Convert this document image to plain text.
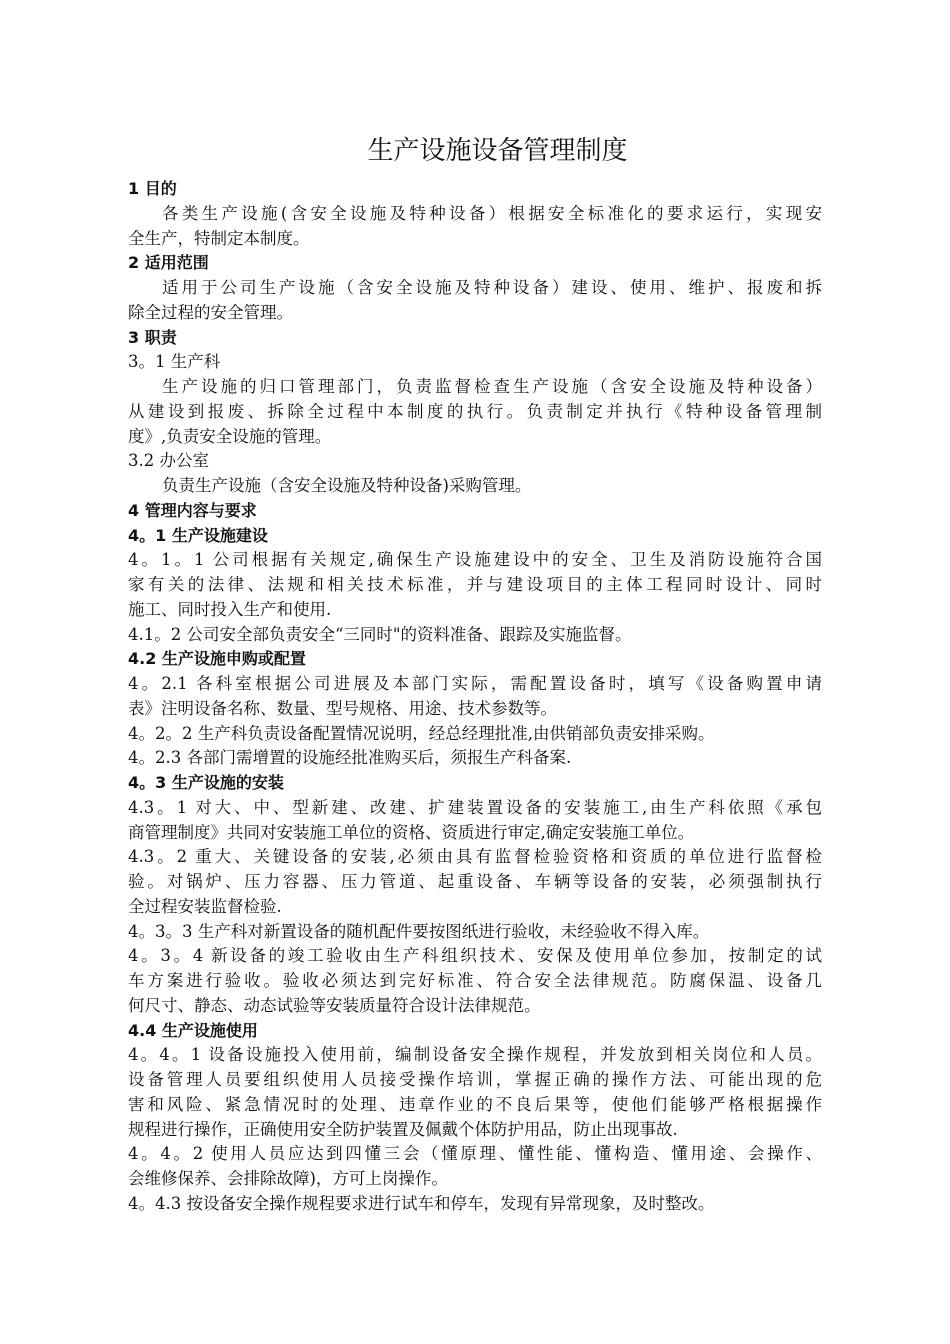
生产设施设备管理制度
1 目的
各类生产设施(含安全设施及特种设备）根据安全标准化的要求运行，实现安
全生产，特制定本制度。
2 适用范围
适用于公司生产设施（含安全设施及特种设备）建设、使用、维护、报废和拆
除全过程的安全管理。
3 职责
3。1 生产科
生产设施的归口管理部门，负责监督检查生产设施（含安全设施及特种设备）
从建设到报废、拆除全过程中本制度的执行。负责制定并执行《特种设备管理制
度》,负责安全设施的管理。
3.2 办公室
负责生产设施（含安全设施及特种设备)采购管理。
4 管理内容与要求
4。1 生产设施建设
4。1。1 公司根据有关规定,确保生产设施建设中的安全、卫生及消防设施符合国
家有关的法律、法规和相关技术标准，并与建设项目的主体工程同时设计、同时
施工、同时投入生产和使用.
4.1。2 公司安全部负责安全“三同时"的资料准备、跟踪及实施监督。
4.2 生产设施申购或配置
4。2.1 各科室根据公司进展及本部门实际，需配置设备时，填写《设备购置申请
表》注明设备名称、数量、型号规格、用途、技术参数等。
4。2。2 生产科负责设备配置情况说明，经总经理批准,由供销部负责安排采购。
4。2.3 各部门需增置的设施经批准购买后，须报生产科备案.
4。3 生产设施的安装
4.3。1 对大、中、型新建、改建、扩建装置设备的安装施工,由生产科依照《承包
商管理制度》共同对安装施工单位的资格、资质进行审定,确定安装施工单位。
4.3。2 重大、关键设备的安装,必须由具有监督检验资格和资质的单位进行监督检
验。对锅炉、压力容器、压力管道、起重设备、车辆等设备的安装，必须强制执行
全过程安装监督检验.
4。3。3 生产科对新置设备的随机配件要按图纸进行验收，未经验收不得入库。
4。3。4 新设备的竣工验收由生产科组织技术、安保及使用单位参加，按制定的试
车方案进行验收。验收必须达到完好标准、符合安全法律规范。防腐保温、设备几
何尺寸、静态、动态试验等安装质量符合设计法律规范。
4.4 生产设施使用
4。4。1 设备设施投入使用前，编制设备安全操作规程，并发放到相关岗位和人员。
设备管理人员要组织使用人员接受操作培训，掌握正确的操作方法、可能出现的危
害和风险、紧急情况时的处理、违章作业的不良后果等，使他们能够严格根据操作
规程进行操作，正确使用安全防护装置及佩戴个体防护用品，防止出现事故.
4。4。2 使用人员应达到四懂三会（懂原理、懂性能、懂构造、懂用途、会操作、
会维修保养、会排除故障)，方可上岗操作。
4。4.3 按设备安全操作规程要求进行试车和停车，发现有异常现象，及时整改。
